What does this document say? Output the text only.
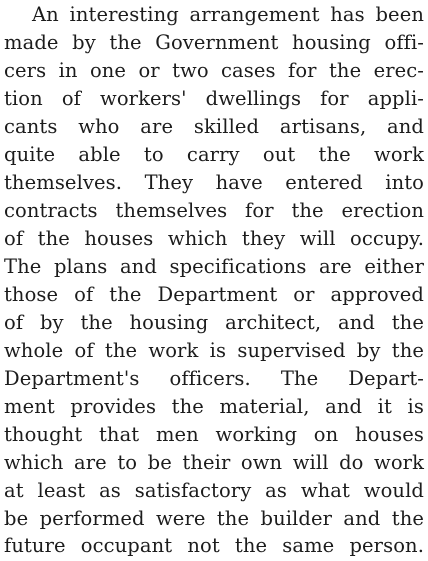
An interesting arrangement has been
made by the Government housing offi-
cers in one or two cases for the erec-
tion of workers' dwellings for appli-
cants who are skilled artisans, and
quite able to carry out the work
themselves. They have entered into
contracts themselves for the erection
of the houses which they will occupy.
The plans and specifications are either
those of the Department or approved
of by the housing architect, and the
whole of the work is supervised by the
Department's officers. The Depart-
ment provides the material, and it is
thought that men working on houses
which are to be their own will do work
at least as satisfactory as what would
be performed were the builder and the
future occupant not the same person.
